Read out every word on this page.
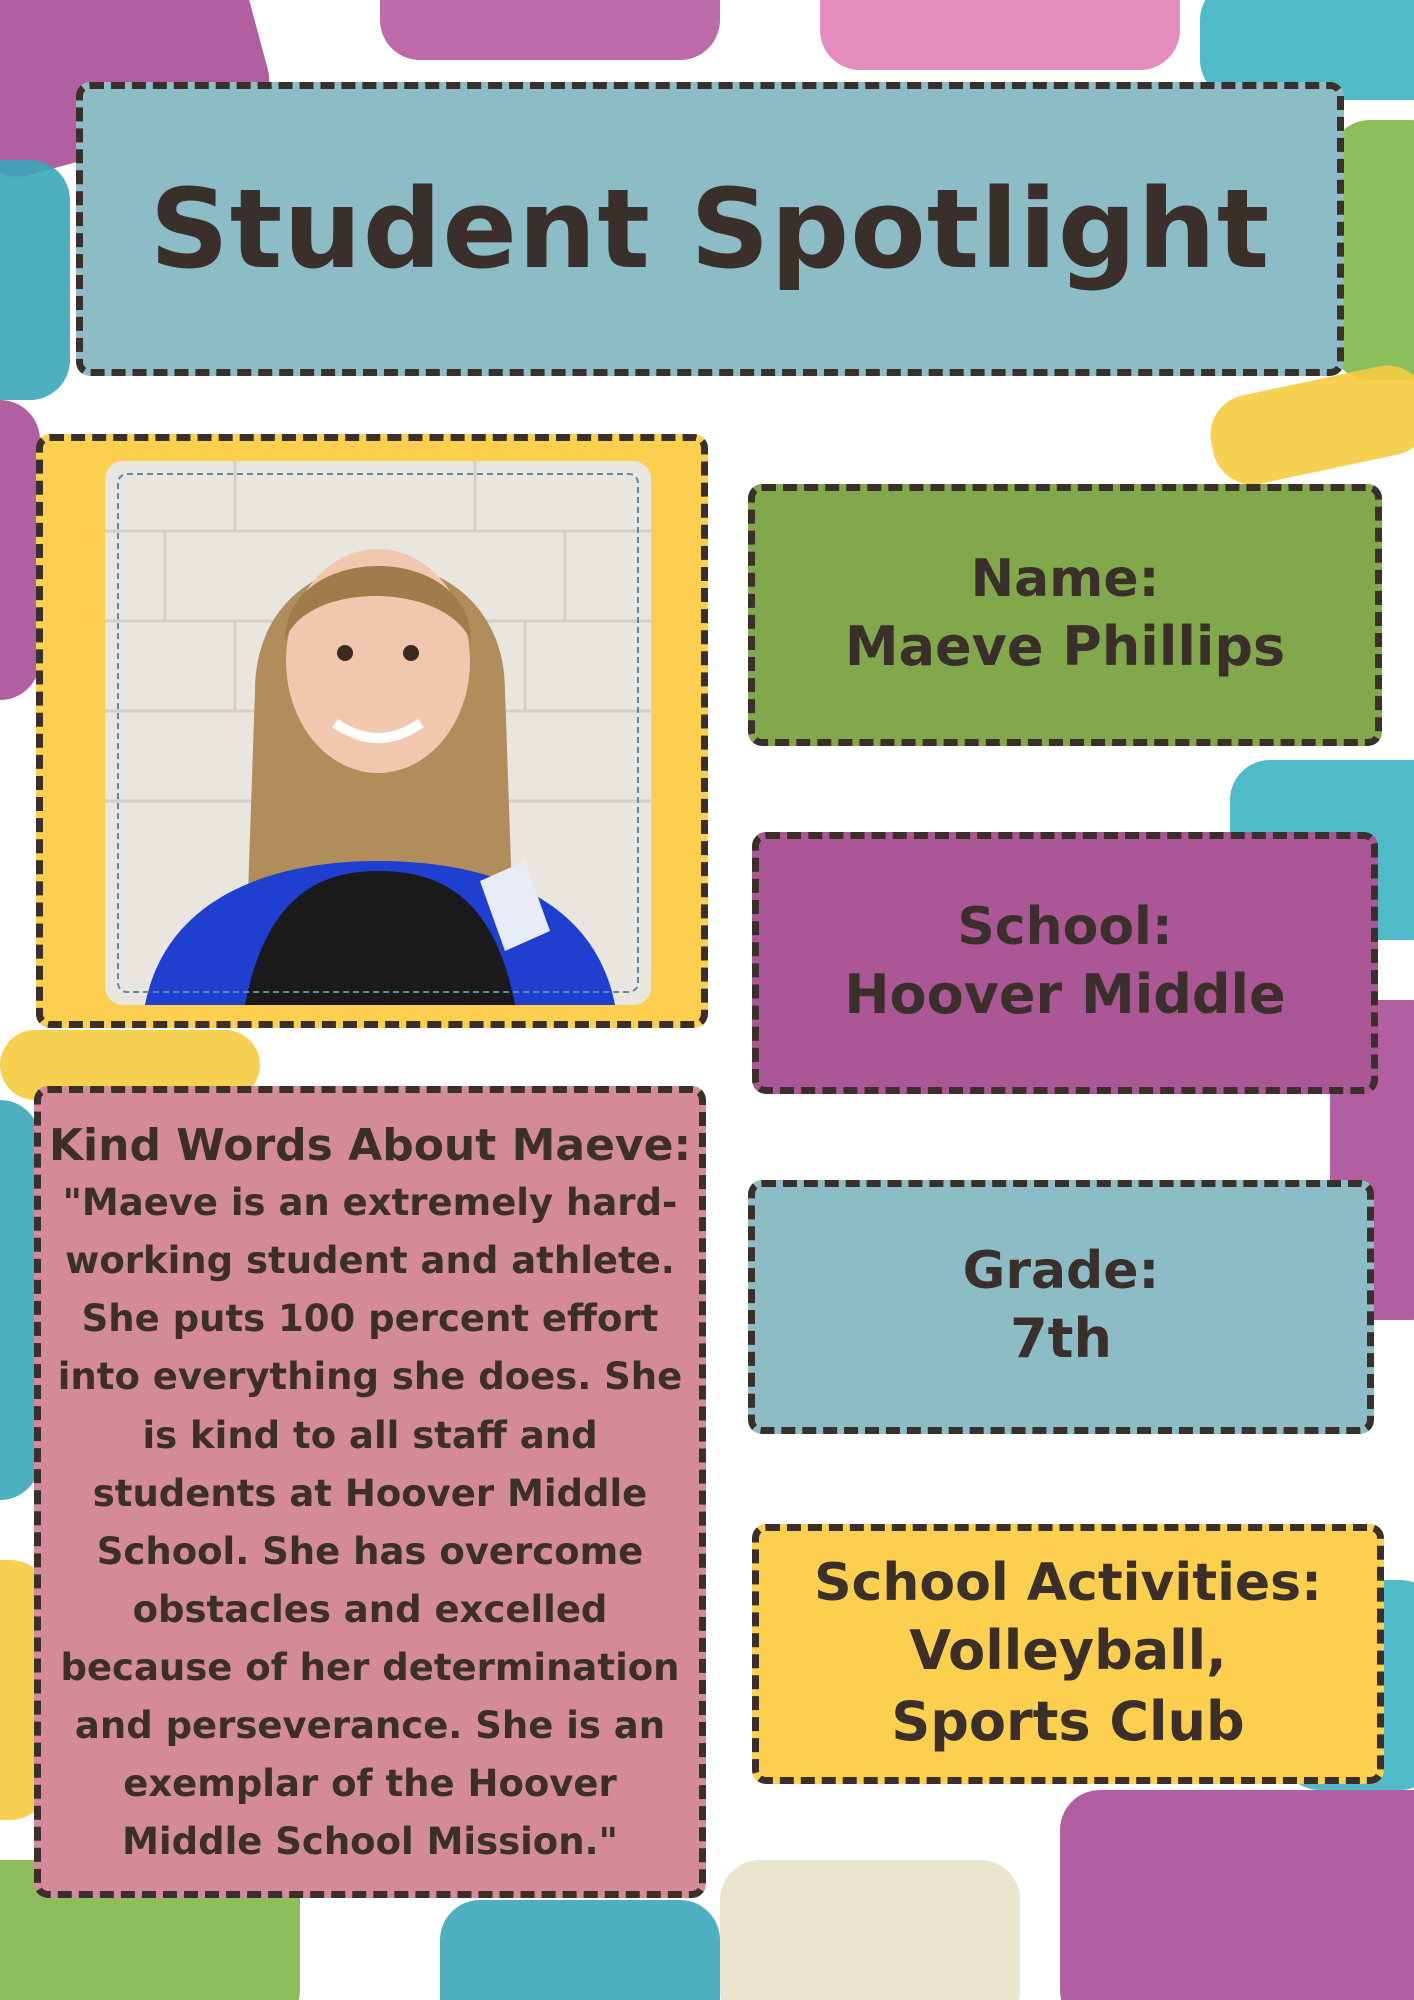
Student Spotlight
Name:
Maeve Phillips
School:
Hoover Middle
Grade:
7th
School Activities:
Volleyball,
Sports Club
Kind Words About Maeve:
"Maeve is an extremely hard-working student and athlete. She puts 100 percent effort into everything she does. She is kind to all staff and students at Hoover Middle School. She has overcome obstacles and excelled because of her determination and perseverance. She is an exemplar of the Hoover Middle School Mission."
